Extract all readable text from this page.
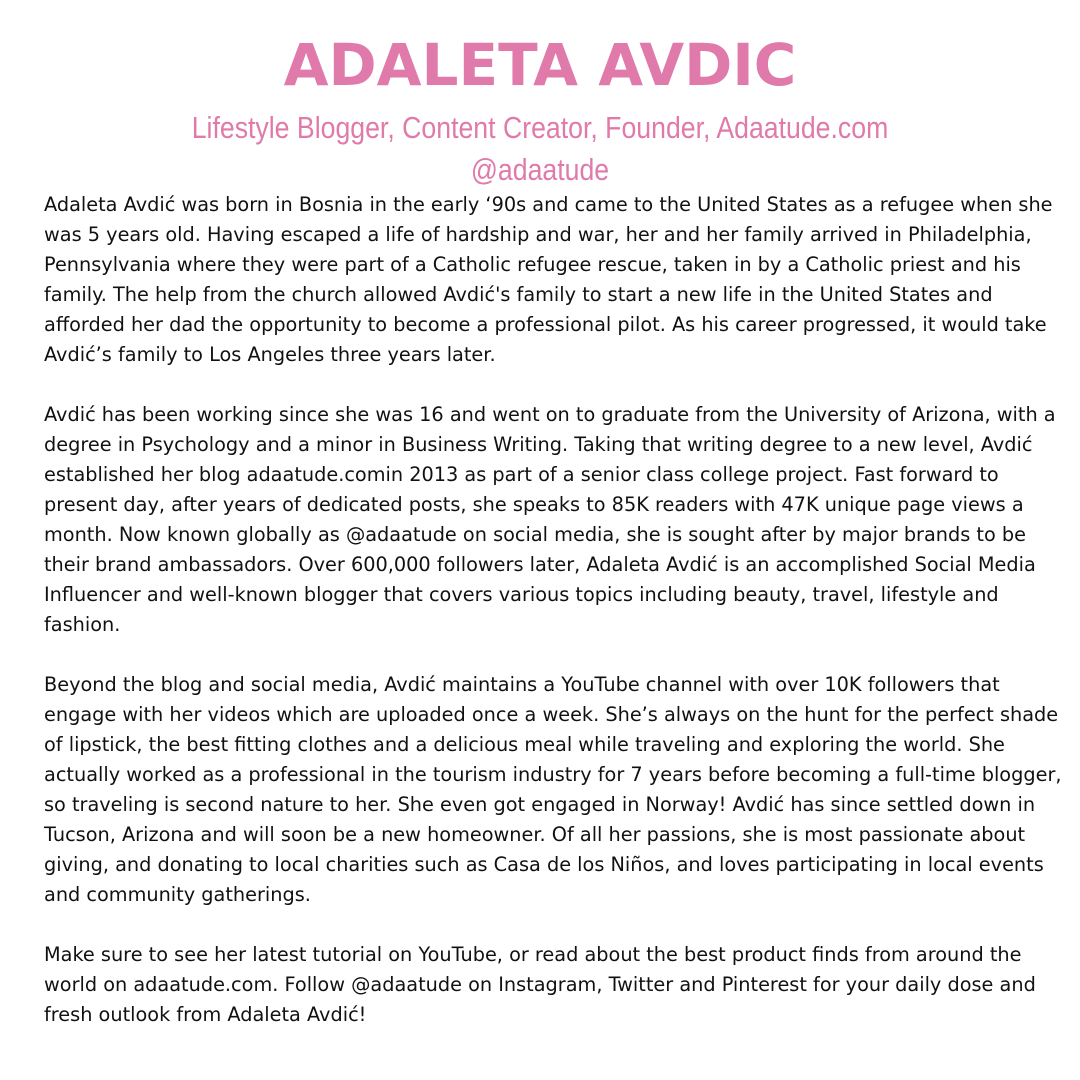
ADALETA AVDIC
Lifestyle Blogger, Content Creator, Founder, Adaatude.com
@adaatude

Adaleta Avdić was born in Bosnia in the early ‘90s and came to the United States as a refugee when she was 5 years old. Having escaped a life of hardship and war, her and her family arrived in Philadelphia, Pennsylvania where they were part of a Catholic refugee rescue, taken in by a Catholic priest and his family. The help from the church allowed Avdić's family to start a new life in the United States and afforded her dad the opportunity to become a professional pilot. As his career progressed, it would take Avdić’s family to Los Angeles three years later.

Avdić has been working since she was 16 and went on to graduate from the University of Arizona, with a degree in Psychology and a minor in Business Writing. Taking that writing degree to a new level, Avdić established her blog adaatude.comin 2013 as part of a senior class college project. Fast forward to present day, after years of dedicated posts, she speaks to 85K readers with 47K unique page views a month. Now known globally as @adaatude on social media, she is sought after by major brands to be their brand ambassadors. Over 600,000 followers later, Adaleta Avdić is an accomplished Social Media Influencer and well-known blogger that covers various topics including beauty, travel, lifestyle and fashion.

Beyond the blog and social media, Avdić maintains a YouTube channel with over 10K followers that engage with her videos which are uploaded once a week. She’s always on the hunt for the perfect shade of lipstick, the best fitting clothes and a delicious meal while traveling and exploring the world. She actually worked as a professional in the tourism industry for 7 years before becoming a full-time blogger, so traveling is second nature to her. She even got engaged in Norway! Avdić has since settled down in Tucson, Arizona and will soon be a new homeowner. Of all her passions, she is most passionate about giving, and donating to local charities such as Casa de los Niños, and loves participating in local events and community gatherings.

Make sure to see her latest tutorial on YouTube, or read about the best product finds from around the world on adaatude.com. Follow @adaatude on Instagram, Twitter and Pinterest for your daily dose and fresh outlook from Adaleta Avdić!
